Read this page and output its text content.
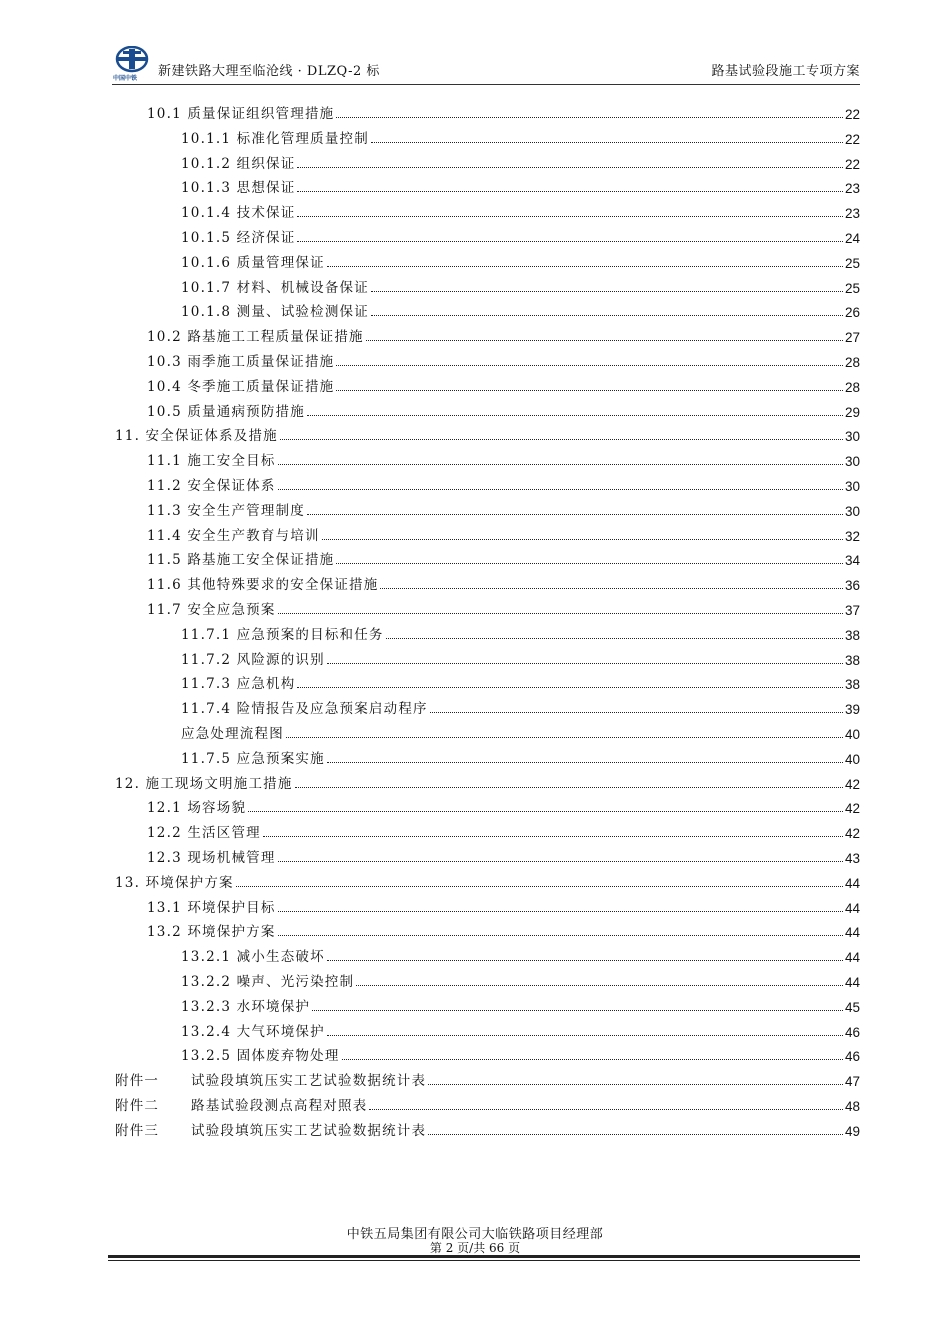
中国中铁 新建铁路大理至临沧线 · DLZQ-2 标	路基试验段施工专项方案
10.1 质量保证组织管理措施	22
10.1.1 标准化管理质量控制	22
10.1.2 组织保证	22
10.1.3 思想保证	23
10.1.4 技术保证	23
10.1.5 经济保证	24
10.1.6 质量管理保证	25
10.1.7 材料、机械设备保证	25
10.1.8 测量、试验检测保证	26
10.2 路基施工工程质量保证措施	27
10.3 雨季施工质量保证措施	28
10.4 冬季施工质量保证措施	28
10.5 质量通病预防措施	29
11. 安全保证体系及措施	30
11.1 施工安全目标	30
11.2 安全保证体系	30
11.3 安全生产管理制度	30
11.4 安全生产教育与培训	32
11.5 路基施工安全保证措施	34
11.6 其他特殊要求的安全保证措施	36
11.7 安全应急预案	37
11.7.1 应急预案的目标和任务	38
11.7.2 风险源的识别	38
11.7.3 应急机构	38
11.7.4 险情报告及应急预案启动程序	39
应急处理流程图	40
11.7.5 应急预案实施	40
12. 施工现场文明施工措施	42
12.1 场容场貌	42
12.2 生活区管理	42
12.3 现场机械管理	43
13. 环境保护方案	44
13.1 环境保护目标	44
13.2 环境保护方案	44
13.2.1 减小生态破坏	44
13.2.2 噪声、光污染控制	44
13.2.3 水环境保护	45
13.2.4 大气环境保护	46
13.2.5 固体废弃物处理	46
附件一 试验段填筑压实工艺试验数据统计表	47
附件二 路基试验段测点高程对照表	48
附件三 试验段填筑压实工艺试验数据统计表	49
中铁五局集团有限公司大临铁路项目经理部
第 2 页/共 66 页
